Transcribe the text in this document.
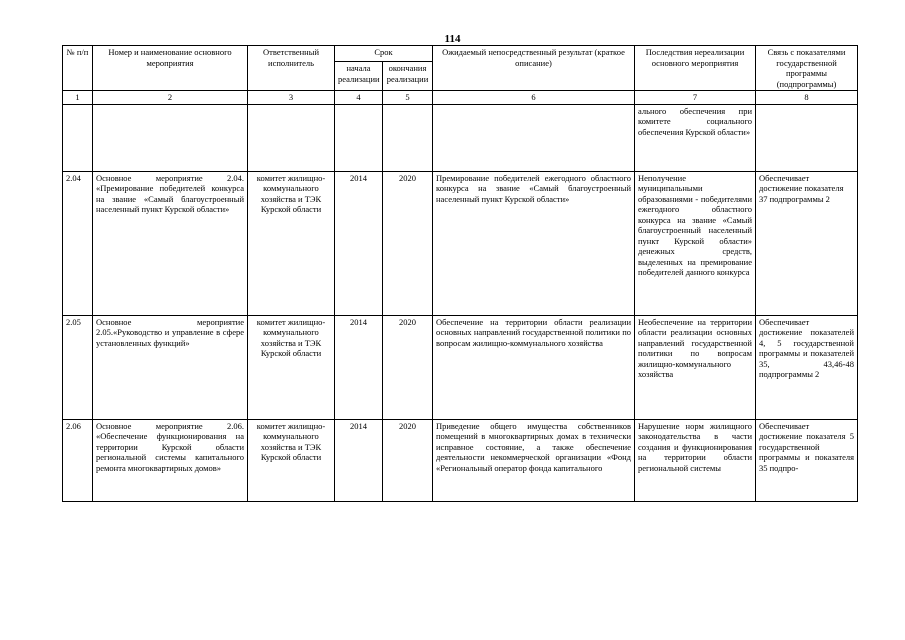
114
№ п/п	Номер и наименование основного мероприятия	Ответственный исполнитель	Срок		Ожидаемый непосредственный результат (краткое описание)	Последствия нереализации основного мероприятия	Связь с показателями государственной программы (подпрограммы)
			начала реализации	окончания реализации			
1	2	3	4	5	6	7	8
						ального обеспечения при комитете социального обеспечения Курской области»	
2.04	Основное мероприятие 2.04. «Премирование победителей конкурса на звание «Самый благоустроенный населенный пункт Курской области»	комитет жилищно-коммунального хозяйства и ТЭК Курской области	2014	2020	Премирование победителей ежегодного областного конкурса на звание «Самый благоустроенный населенный пункт Курской области»	Неполучение муниципальными образованиями - победителями ежегодного областного конкурса на звание «Самый благоустроенный населенный пункт Курской области» денежных средств, выделенных на премирование победителей данного конкурса	Обеспечивает достижение показателя 37 подпрограммы 2
2.05	Основное мероприятие 2.05.«Руководство и управление в сфере установленных функций»	комитет жилищно-коммунального хозяйства и ТЭК Курской области	2014	2020	Обеспечение на территории области реализации основных направлений государственной политики по вопросам жилищно-коммунального хозяйства	Необеспечение на территории области реализации основных направлений государственной политики по вопросам жилищно-коммунального хозяйства	Обеспечивает достижение показателей 4, 5 государственной программы и показателей 35, 43,46-48 подпрограммы 2
2.06	Основное мероприятие 2.06. «Обеспечение функционирования на территории Курской области региональной системы капитального ремонта многоквартирных домов»	комитет жилищно-коммунального хозяйства и ТЭК Курской области	2014	2020	Приведение общего имущества собственников помещений в многоквартирных домах в технически исправное состояние, а также обеспечение деятельности некоммерческой организации «Фонд «Региональный оператор фонда капитального	Нарушение норм жилищного законодательства в части создания и функционирования на территории области региональной системы	Обеспечивает достижение показателя 5 государственной программы и показателя 35 подпро-
